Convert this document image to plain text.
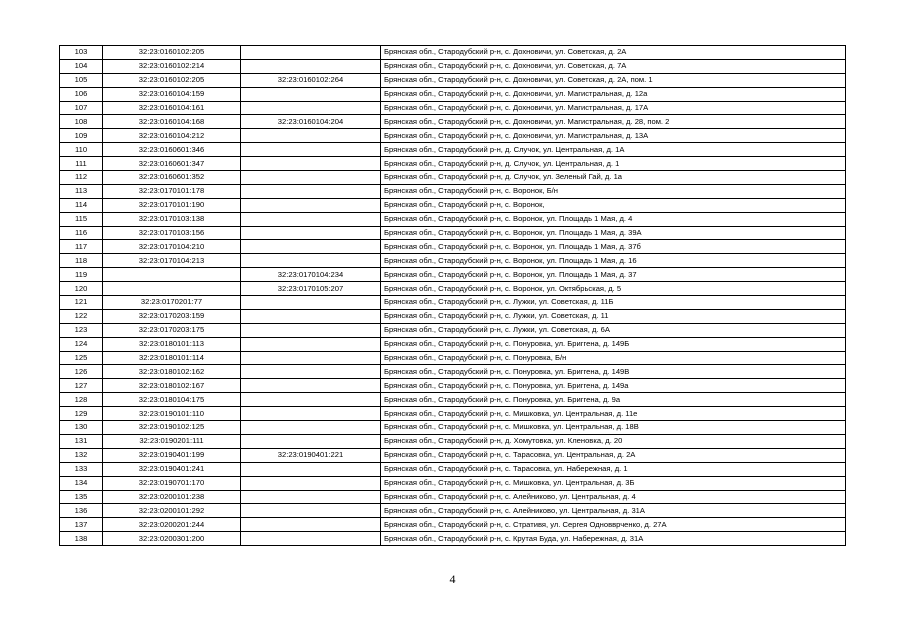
103	32:23:0160102:205		Брянская обл., Стародубский р-н, с. Дохновичи, ул. Советская, д. 2А
104	32:23:0160102:214		Брянская обл., Стародубский р-н, с. Дохновичи, ул. Советская, д. 7А
105	32:23:0160102:205	32:23:0160102:264	Брянская обл., Стародубский р-н, с. Дохновичи, ул. Советская, д. 2А, пом. 1
106	32:23:0160104:159		Брянская обл., Стародубский р-н, с. Дохновичи, ул. Магистральная, д. 12а
107	32:23:0160104:161		Брянская обл., Стародубский р-н, с. Дохновичи, ул. Магистральная, д. 17А
108	32:23:0160104:168	32:23:0160104:204	Брянская обл., Стародубский р-н, с. Дохновичи, ул. Магистральная, д. 28, пом. 2
109	32:23:0160104:212		Брянская обл., Стародубский р-н, с. Дохновичи, ул. Магистральная, д. 13А
110	32:23:0160601:346		Брянская обл., Стародубский р-н, д. Случок, ул. Центральная, д. 1А
111	32:23:0160601:347		Брянская обл., Стародубский р-н, д. Случок, ул. Центральная, д. 1
112	32:23:0160601:352		Брянская обл., Стародубский р-н, д. Случок, ул. Зеленый Гай, д. 1а
113	32:23:0170101:178		Брянская обл., Стародубский р-н, с. Воронок, Б/н
114	32:23:0170101:190		Брянская обл., Стародубский р-н, с. Воронок,
115	32:23:0170103:138		Брянская обл., Стародубский р-н, с. Воронок, ул. Площадь 1 Мая, д. 4
116	32:23:0170103:156		Брянская обл., Стародубский р-н, с. Воронок, ул. Площадь 1 Мая, д. 39А
117	32:23:0170104:210		Брянская обл., Стародубский р-н, с. Воронок, ул. Площадь 1 Мая, д. 37б
118	32:23:0170104:213		Брянская обл., Стародубский р-н, с. Воронок, ул. Площадь 1 Мая, д. 16
119		32:23:0170104:234	Брянская обл., Стародубский р-н, с. Воронок, ул. Площадь 1 Мая, д. 37
120		32:23:0170105:207	Брянская обл., Стародубский р-н, с. Воронок, ул. Октябрьская, д. 5
121	32:23:0170201:77		Брянская обл., Стародубский р-н, с. Лужки, ул. Советская, д. 11Б
122	32:23:0170203:159		Брянская обл., Стародубский р-н, с. Лужки, ул. Советская, д. 11
123	32:23:0170203:175		Брянская обл., Стародубский р-н, с. Лужки, ул. Советская, д. 6А
124	32:23:0180101:113		Брянская обл., Стародубский р-н, с. Понуровка, ул. Бриггена, д. 149Б
125	32:23:0180101:114		Брянская обл., Стародубский р-н, с. Понуровка, Б/н
126	32:23:0180102:162		Брянская обл., Стародубский р-н, с. Понуровка, ул. Бриггена, д. 149В
127	32:23:0180102:167		Брянская обл., Стародубский р-н, с. Понуровка, ул. Бриггена, д. 149а
128	32:23:0180104:175		Брянская обл., Стародубский р-н, с. Понуровка, ул. Бриггена, д. 9а
129	32:23:0190101:110		Брянская обл., Стародубский р-н, с. Мишковка, ул. Центральная, д. 11е
130	32:23:0190102:125		Брянская обл., Стародубский р-н, с. Мишковка, ул. Центральная, д. 18В
131	32:23:0190201:111		Брянская обл., Стародубский р-н, д. Хомутовка, ул. Кленовка, д. 20
132	32:23:0190401:199	32:23:0190401:221	Брянская обл., Стародубский р-н, с. Тарасовка, ул. Центральная, д. 2А
133	32:23:0190401:241		Брянская обл., Стародубский р-н, с. Тарасовка, ул. Набережная, д. 1
134	32:23:0190701:170		Брянская обл., Стародубский р-н, с. Мишковка, ул. Центральная, д. 3Б
135	32:23:0200101:238		Брянская обл., Стародубский р-н, с. Алейниково, ул. Центральная, д. 4
136	32:23:0200101:292		Брянская обл., Стародубский р-н, с. Алейниково, ул. Центральная, д. 31А
137	32:23:0200201:244		Брянская обл., Стародубский р-н, с. Стративя, ул. Сергея Одновврченко, д. 27А
138	32:23:0200301:200		Брянская обл., Стародубский р-н, с. Крутая Буда, ул. Набережная, д. 31А
4
